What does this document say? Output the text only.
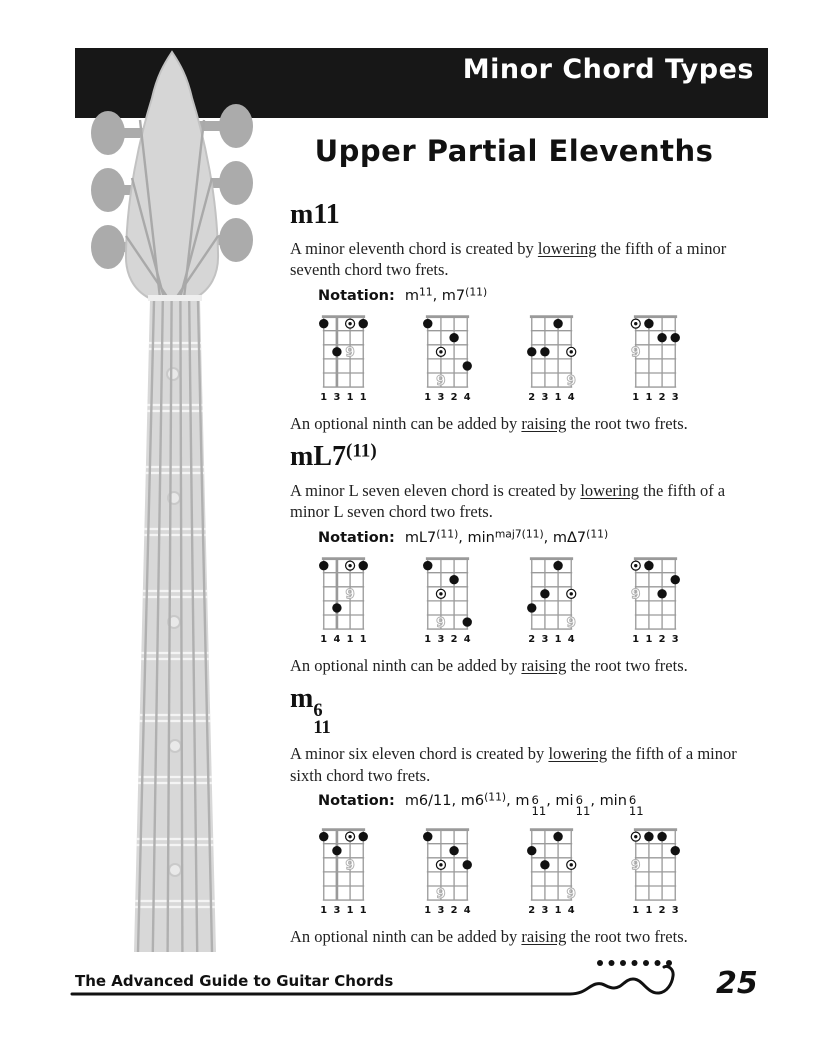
Minor Chord Types
Upper Partial Elevenths
m11

A minor eleventh chord is created by lowering the fifth of a minor seventh chord two frets.

Notation: $m^{11}$, m7$^{(11)}$
9
1 3 1 1
9
1 3 2 4
9
2 3 1 4
9
1 1 2 3

An optional ninth can be added by raising the root two frets.

mL7$^{(11)}$

A minor L seven eleven chord is created by lowering the fifth of a minor L seven chord two frets.

Notation: mL7$^{(11)}$, $\min^{maj7(11)}$, mΔ7$^{(11)}$
9
1 4 1 1
9
1 3 2 4
9
2 3 1 4
9
1 1 2 3

An optional ninth can be added by raising the root two frets.

m 6
11

A minor six eleven chord is created by lowering the fifth of a minor sixth chord two frets.

Notation: m6/11, m6$^{(11)}$, m 6
11
, mi 6
11
, min 6
11
9
1 3 1 1
9
1 3 2 4
9
2 3 1 4
9
1 1 2 3

An optional ninth can be added by raising the root two frets.

The Advanced Guide to Guitar Chords	25
